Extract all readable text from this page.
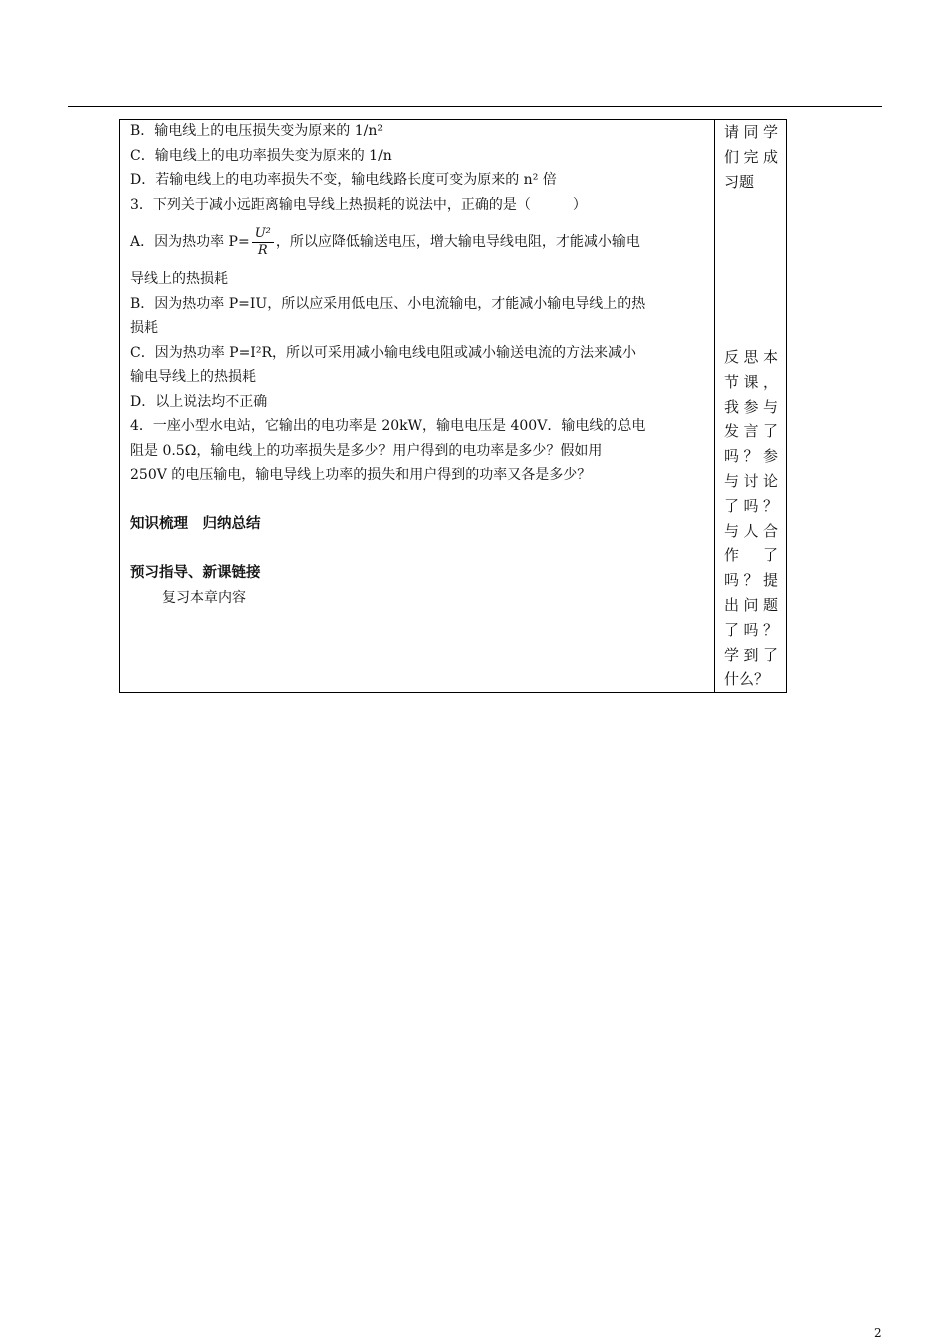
B．输电线上的电压损失变为原来的 1/n²
C．输电线上的电功率损失变为原来的 1/n
D．若输电线上的电功率损失不变，输电线路长度可变为原来的 n² 倍
3．下列关于减小远距离输电导线上热损耗的说法中，正确的是（　　　）
A．因为热功率 $P= \frac{\text{U²}}{R}$ ，所以应降低输送电压，增大输电导线电阻，才能减小输电
导线上的热损耗
B．因为热功率 P=IU，所以应采用低电压、小电流输电，才能减小输电导线上的热
损耗
C．因为热功率 P=I²R，所以可采用减小输电线电阻或减小输送电流的方法来减小
输电导线上的热损耗
D．以上说法均不正确
4．一座小型水电站，它输出的电功率是 20kW，输电电压是 400V．输电线的总电
阻是 0.5Ω，输电线上的功率损失是多少？用户得到的电功率是多少？假如用
250V 的电压输电，输电导线上功率的损失和用户得到的功率又各是多少？
知识梳理　归纳总结
预习指导、新课链接
复习本章内容
请同学们完成习题
反思本节课，我参与发言了吗？参与讨论了吗？与人合作了吗？提出问题了吗？学到了什么？
2
